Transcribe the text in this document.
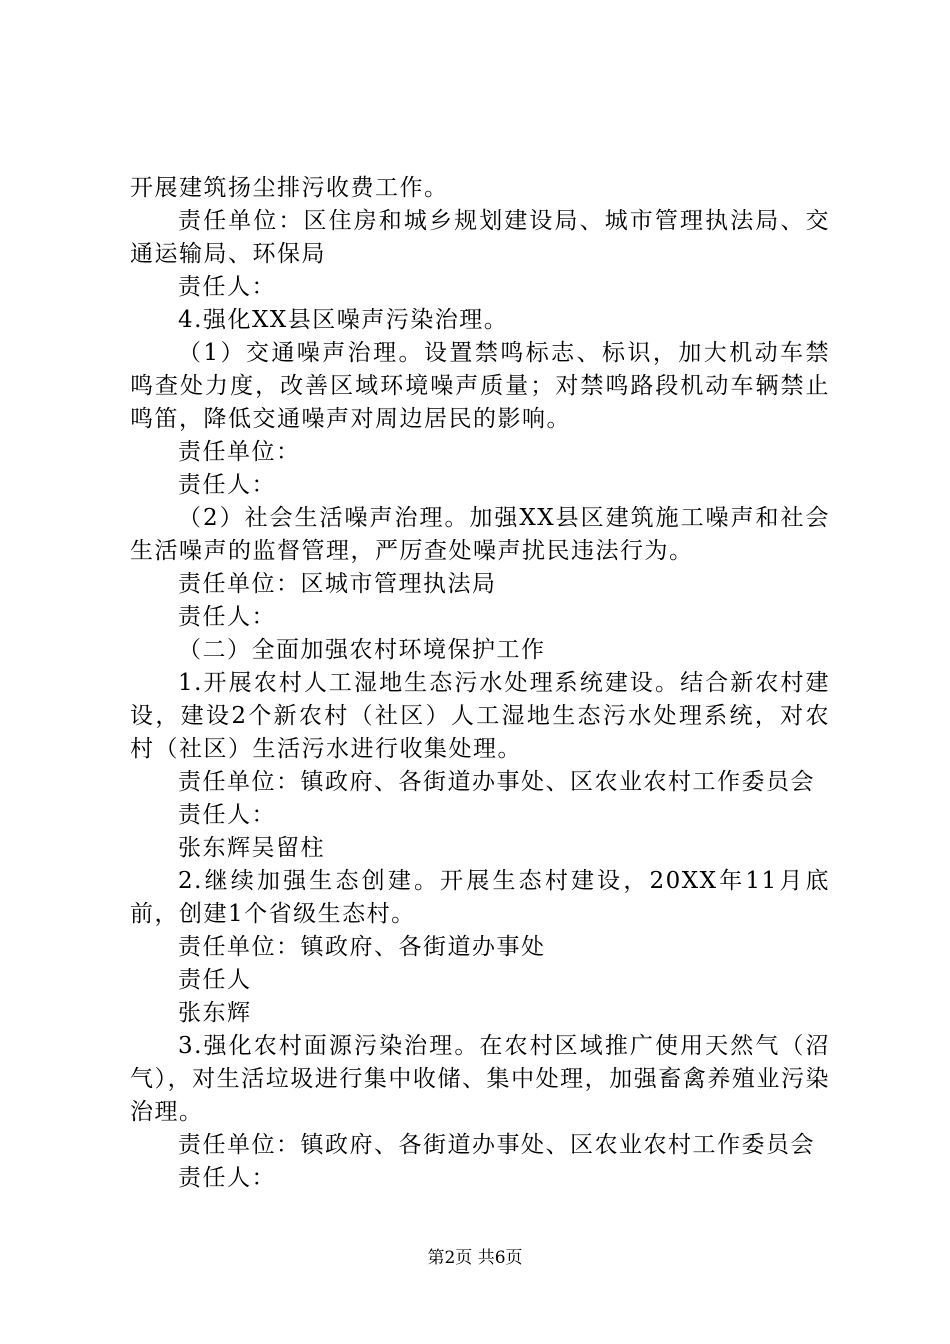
开展建筑扬尘排污收费工作。

责任单位：区住房和城乡规划建设局、城市管理执法局、交通运输局、环保局

责任人：

4.强化XX县区噪声污染治理。

（1）交通噪声治理。设置禁鸣标志、标识，加大机动车禁鸣查处力度，改善区域环境噪声质量；对禁鸣路段机动车辆禁止鸣笛，降低交通噪声对周边居民的影响。

责任单位：

责任人：

（2）社会生活噪声治理。加强XX县区建筑施工噪声和社会生活噪声的监督管理，严厉查处噪声扰民违法行为。

责任单位：区城市管理执法局

责任人：

（二）全面加强农村环境保护工作

1.开展农村人工湿地生态污水处理系统建设。结合新农村建设，建设2个新农村（社区）人工湿地生态污水处理系统，对农村（社区）生活污水进行收集处理。

责任单位：镇政府、各街道办事处、区农业农村工作委员会

责任人：

张东辉吴留柱

2.继续加强生态创建。开展生态村建设，20XX年11月底前，创建1个省级生态村。

责任单位：镇政府、各街道办事处

责任人

张东辉

3.强化农村面源污染治理。在农村区域推广使用天然气（沼气），对生活垃圾进行集中收储、集中处理，加强畜禽养殖业污染治理。

责任单位：镇政府、各街道办事处、区农业农村工作委员会

责任人：

第2页 共6页
